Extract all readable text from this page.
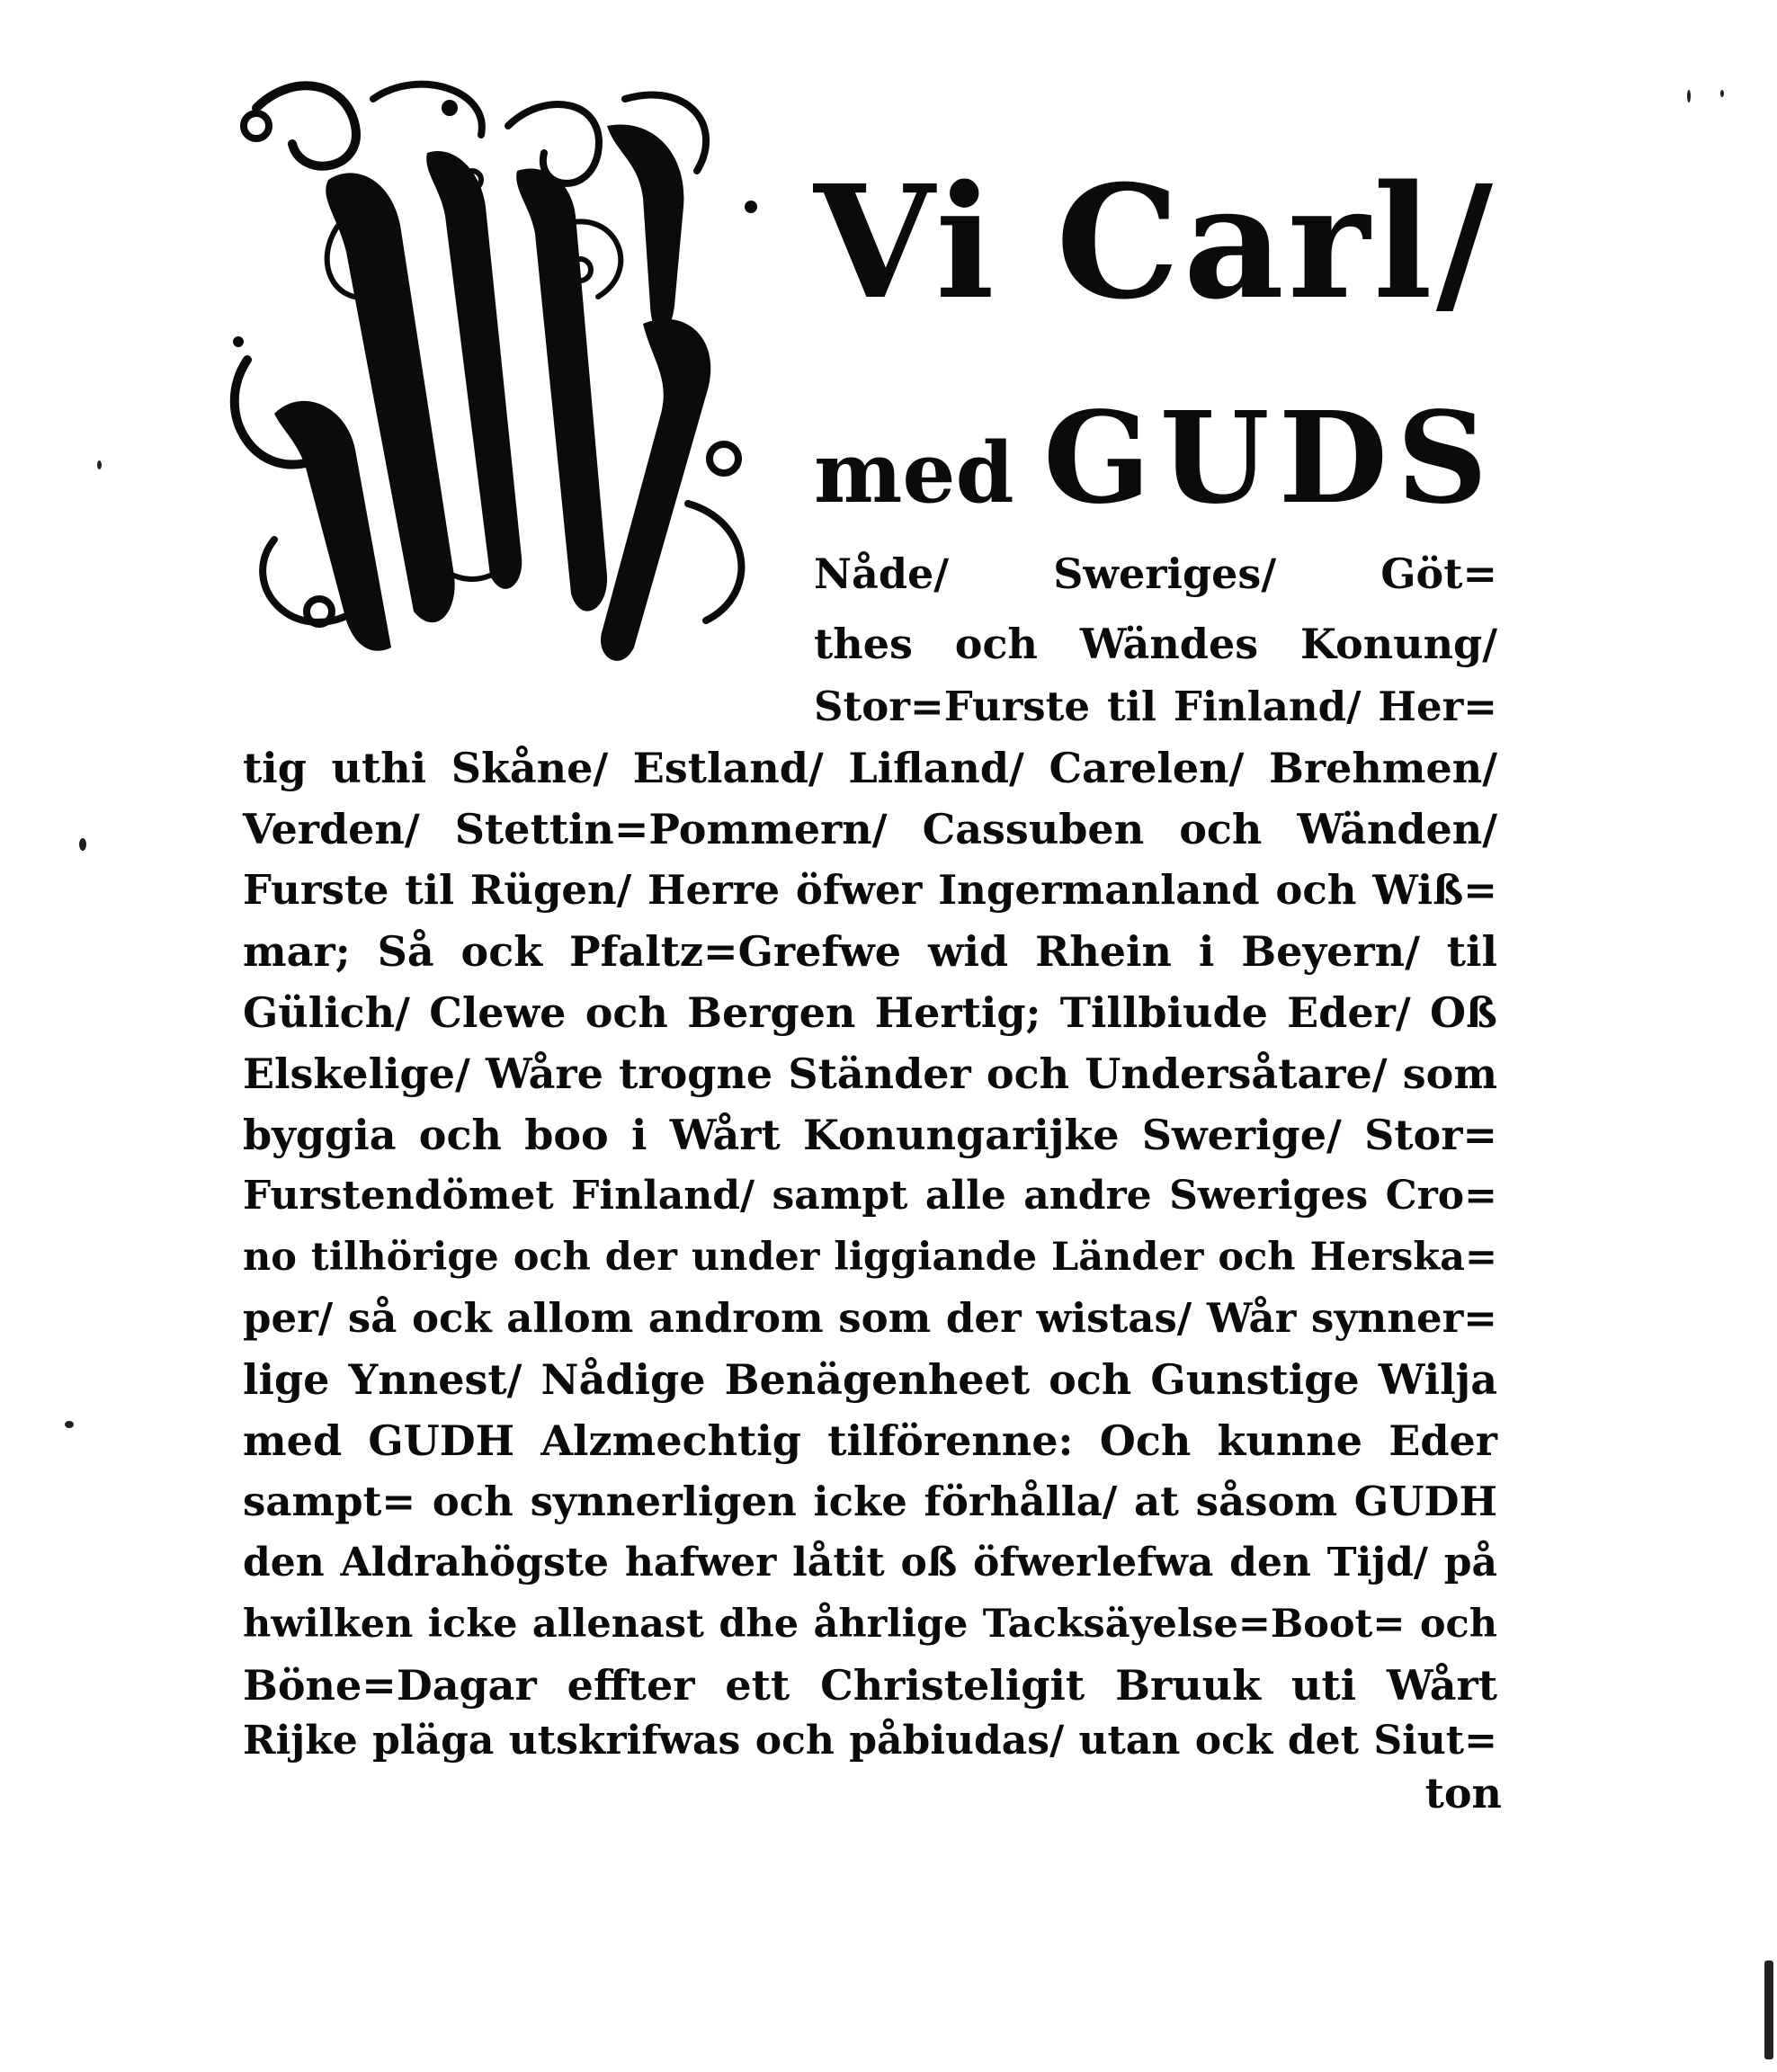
Vi Carl/
med GUDS
Nåde/ Sweriges/ Göt=
thes och Wändes Konung/
Stor=Furste til Finland/ Her=
tig uthi Skåne/ Estland/ Lifland/ Carelen/ Brehmen/
Verden/ Stettin=Pommern/ Cassuben och Wänden/
Furste til Rügen/ Herre öfwer Ingermanland och Wiß=
mar; Så ock Pfaltz=Grefwe wid Rhein i Beyern/ til
Gülich/ Clewe och Bergen Hertig; Tillbiude Eder/ Oß
Elskelige/ Wåre trogne Ständer och Undersåtare/ som
byggia och boo i Wårt Konungarijke Swerige/ Stor=
Furstendömet Finland/ sampt alle andre Sweriges Cro=
no tilhörige och der under liggiande Länder och Herska=
per/ så ock allom androm som der wistas/ Wår synner=
lige Ynnest/ Nådige Benägenheet och Gunstige Wilja
med GUDH Alzmechtig tilförenne: Och kunne Eder
sampt= och synnerligen icke förhålla/ at såsom GUDH
den Aldrahögste hafwer låtit oß öfwerlefwa den Tijd/ på
hwilken icke allenast dhe åhrlige Tacksäyelse=Boot= och
Böne=Dagar effter ett Christeligit Bruuk uti Wårt
Rijke pläga utskrifwas och påbiudas/ utan ock det Siut=
ton
